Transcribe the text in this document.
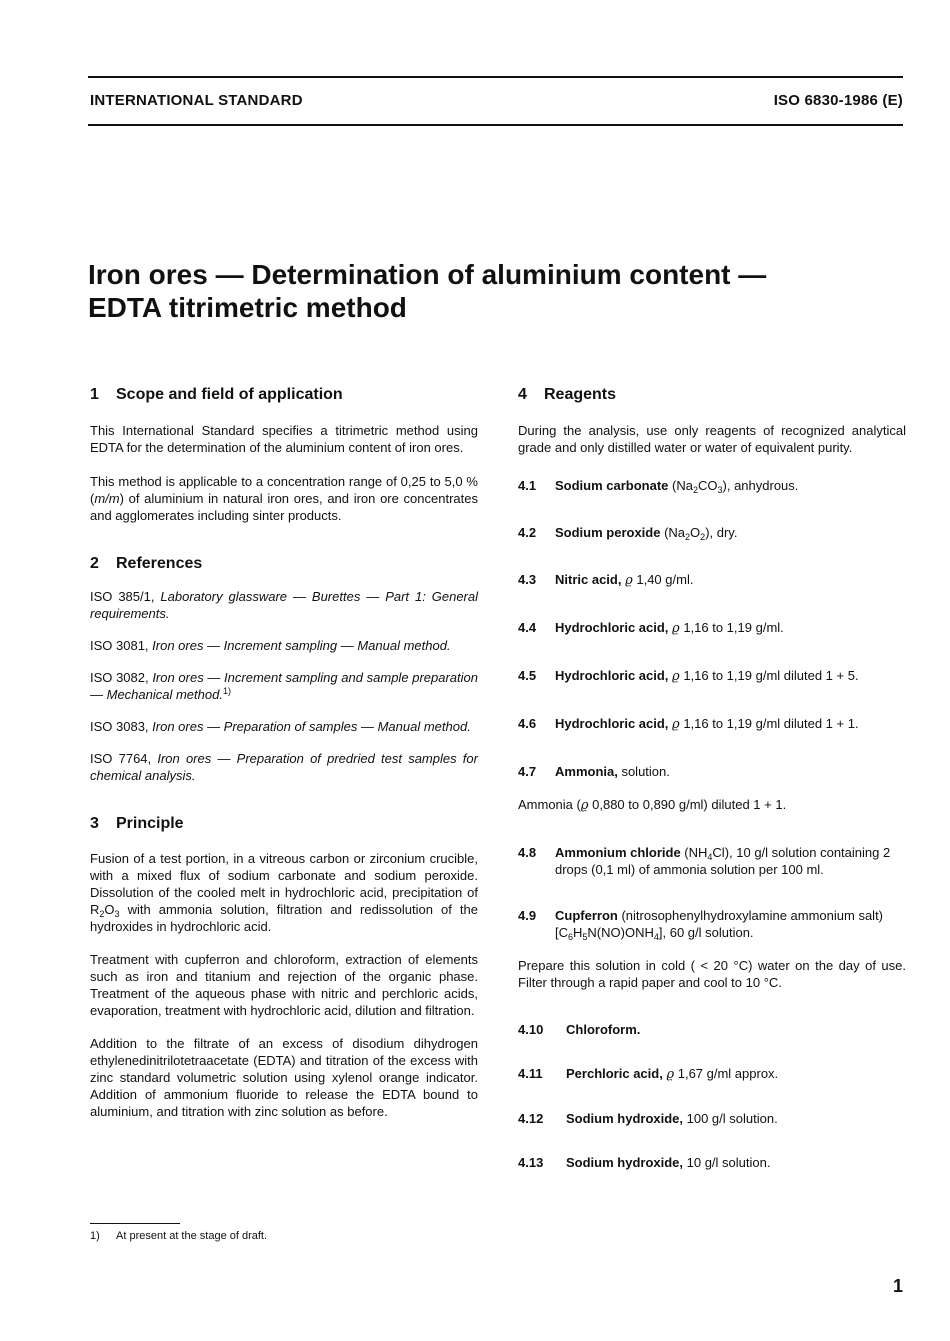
INTERNATIONAL STANDARD	ISO 6830-1986 (E)
Iron ores — Determination of aluminium content —
EDTA titrimetric method
1 Scope and field of application

This International Standard specifies a titrimetric method using EDTA for the determination of the aluminium content of iron ores.

This method is applicable to a concentration range of 0,25 to 5,0 % (m/m) of aluminium in natural iron ores, and iron ore concentrates and agglomerates including sinter products.

2 References

ISO 385/1, Laboratory glassware — Burettes — Part 1: General requirements.

ISO 3081, Iron ores — Increment sampling — Manual method.

ISO 3082, Iron ores — Increment sampling and sample preparation — Mechanical method.$^{1)}$

ISO 3083, Iron ores — Preparation of samples — Manual method.

ISO 7764, Iron ores — Preparation of predried test samples for chemical analysis.

3 Principle

Fusion of a test portion, in a vitreous carbon or zirconium crucible, with a mixed flux of sodium carbonate and sodium peroxide. Dissolution of the cooled melt in hydrochloric acid, precipitation of $R_2O_3$ with ammonia solution, filtration and redissolution of the hydroxides in hydrochloric acid.

Treatment with cupferron and chloroform, extraction of elements such as iron and titanium and rejection of the organic phase. Treatment of the aqueous phase with nitric and perchloric acids, evaporation, treatment with hydrochloric acid, dilution and filtration.

Addition to the filtrate of an excess of disodium dihydrogen ethylenedinitrilotetraacetate (EDTA) and titration of the excess with zinc standard volumetric solution using xylenol orange indicator. Addition of ammonium fluoride to release the EDTA bound to aluminium, and titration with zinc solution as before.

4 Reagents

During the analysis, use only reagents of recognized analytical grade and only distilled water or water of equivalent purity.

4.1 Sodium carbonate $(Na_2CO_3)$, anhydrous.
4.2 Sodium peroxide $(Na_2O_2)$, dry.
4.3 Nitric acid, ϱ 1,40 g/ml.
4.4 Hydrochloric acid, ϱ 1,16 to 1,19 g/ml.
4.5 Hydrochloric acid, ϱ 1,16 to 1,19 g/ml diluted 1 + 5.
4.6 Hydrochloric acid, ϱ 1,16 to 1,19 g/ml diluted 1 + 1.
4.7 Ammonia, solution.

Ammonia (ϱ 0,880 to 0,890 g/ml) diluted 1 + 1.

4.8 Ammonium chloride $(NH_4Cl)$, 10 g/l solution containing 2 drops (0,1 ml) of ammonia solution per 100 ml.
4.9 Cupferron (nitrosophenylhydroxylamine ammonium salt) $[C_6H_5N(NO)ONH_4]$, 60 g/l solution.

Prepare this solution in cold ( < 20 °C) water on the day of use. Filter through a rapid paper and cool to 10 °C.

4.10 Chloroform.
4.11 Perchloric acid, ϱ 1,67 g/ml approx.
4.12 Sodium hydroxide, 100 g/l solution.
4.13 Sodium hydroxide, 10 g/l solution.
1) At present at the stage of draft.
1
